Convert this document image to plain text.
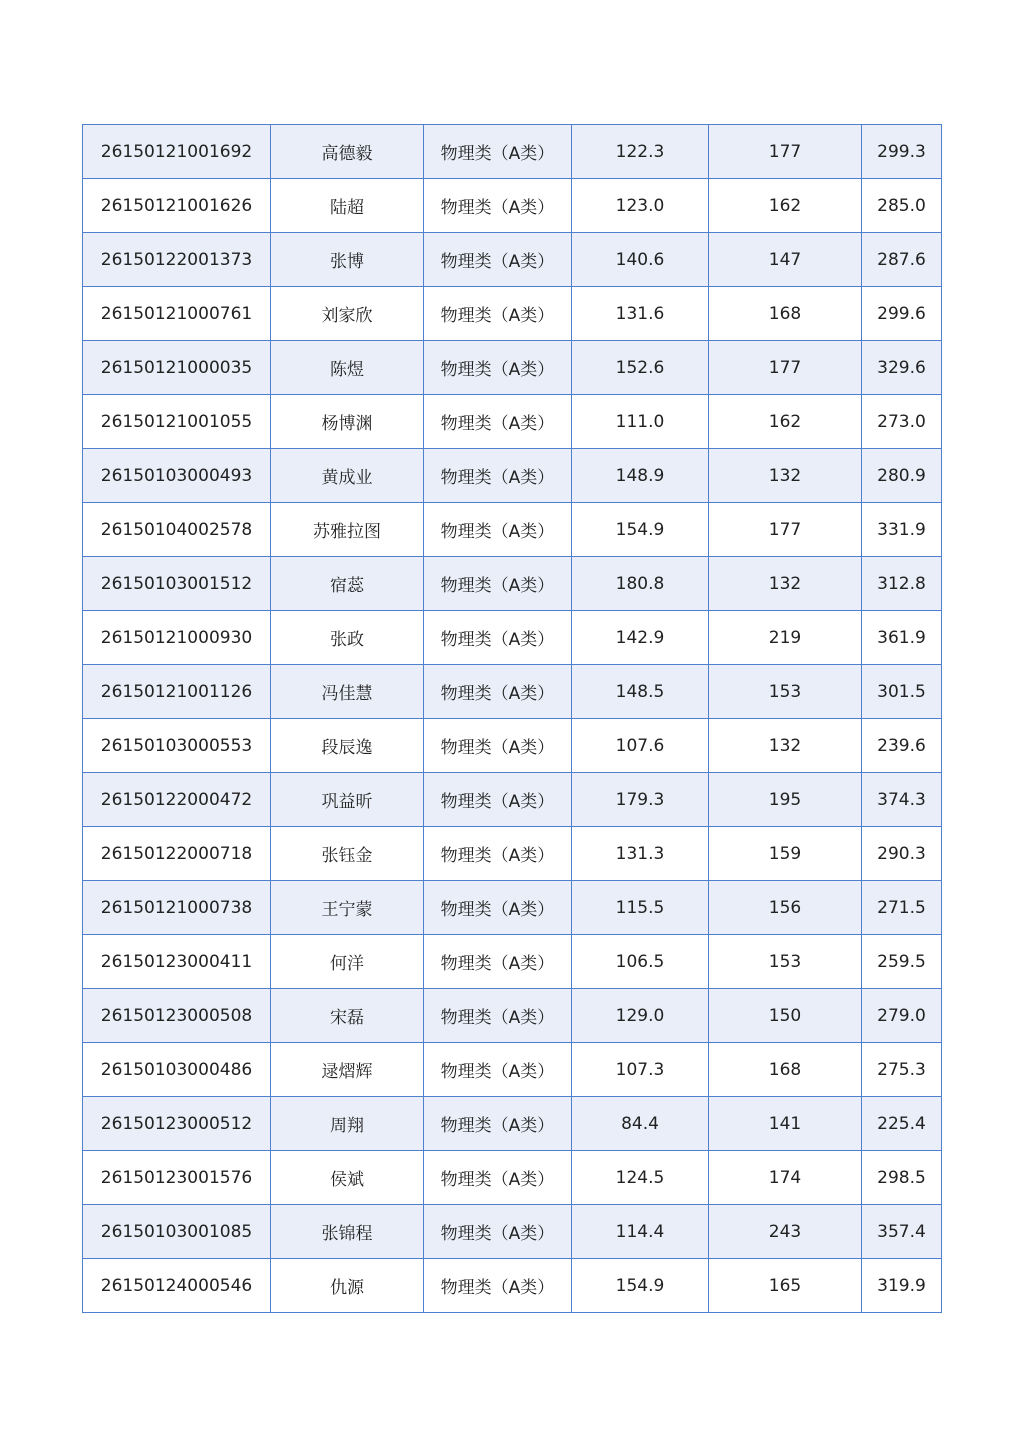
26150121001692	高德毅	物理类（A类）	122.3	177	299.3
26150121001626	陆超	物理类（A类）	123.0	162	285.0
26150122001373	张博	物理类（A类）	140.6	147	287.6
26150121000761	刘家欣	物理类（A类）	131.6	168	299.6
26150121000035	陈煜	物理类（A类）	152.6	177	329.6
26150121001055	杨博渊	物理类（A类）	111.0	162	273.0
26150103000493	黄成业	物理类（A类）	148.9	132	280.9
26150104002578	苏雅拉图	物理类（A类）	154.9	177	331.9
26150103001512	宿蕊	物理类（A类）	180.8	132	312.8
26150121000930	张政	物理类（A类）	142.9	219	361.9
26150121001126	冯佳慧	物理类（A类）	148.5	153	301.5
26150103000553	段辰逸	物理类（A类）	107.6	132	239.6
26150122000472	巩益昕	物理类（A类）	179.3	195	374.3
26150122000718	张钰金	物理类（A类）	131.3	159	290.3
26150121000738	王宁蒙	物理类（A类）	115.5	156	271.5
26150123000411	何洋	物理类（A类）	106.5	153	259.5
26150123000508	宋磊	物理类（A类）	129.0	150	279.0
26150103000486	逯熠辉	物理类（A类）	107.3	168	275.3
26150123000512	周翔	物理类（A类）	84.4	141	225.4
26150123001576	侯斌	物理类（A类）	124.5	174	298.5
26150103001085	张锦程	物理类（A类）	114.4	243	357.4
26150124000546	仇源	物理类（A类）	154.9	165	319.9
